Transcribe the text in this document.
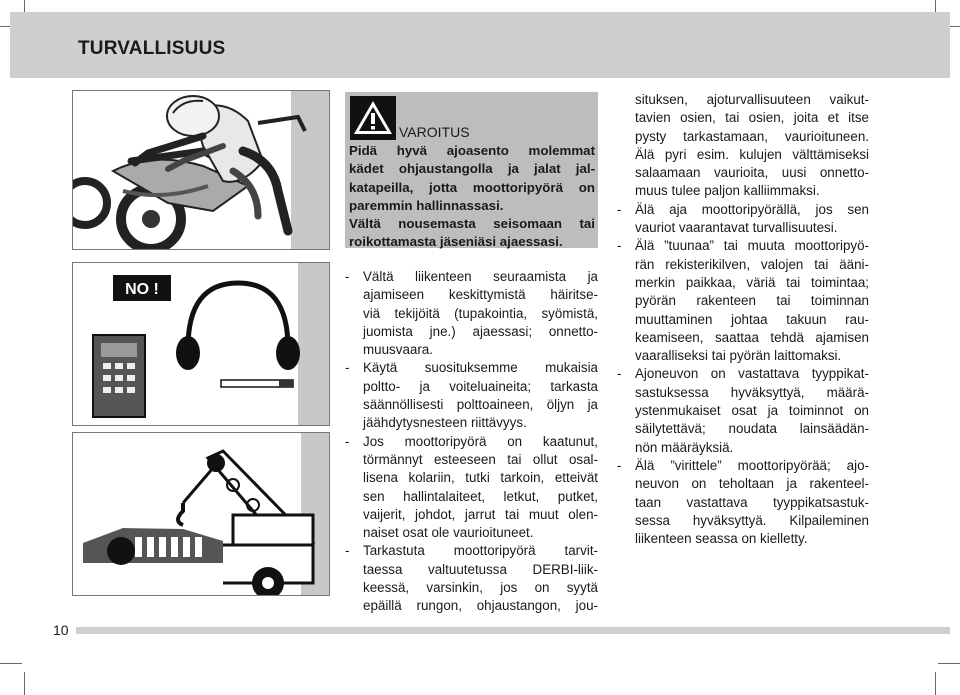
TURVALLISUUS
NO !
VAROITUS
Pidä hyvä ajoasento molemmat
kädet ohjaustangolla ja jalat jal-
katapeilla, jotta moottoripyörä on
paremmin hallinnassasi.
Vältä nousemasta seisomaan tai
roikottamasta jäseniäsi ajaessasi.
- Vältä liikenteen seuraamista ja
ajamiseen keskittymistä häiritse-
viä tekijöitä (tupakointia, syömistä,
juomista jne.) ajaessasi; onnetto-
muusvaara.
- Käytä suosituksemme mukaisia
poltto- ja voiteluaineita; tarkasta
säännöllisesti polttoaineen, öljyn ja
jäähdytysnesteen riittävyys.
- Jos moottoripyörä on kaatunut,
törmännyt esteeseen tai ollut osal-
lisena kolariin, tutki tarkoin, etteivät
sen hallintalaiteet, letkut, putket,
vaijerit, johdot, jarrut tai muut olen-
naiset osat ole vaurioituneet.
- Tarkastuta moottoripyörä tarvit-
taessa valtuutetussa DERBI-liik-
keessä, varsinkin, jos on syytä
epäillä rungon, ohjaustangon, jou-
situksen, ajoturvallisuuteen vaikut-
tavien osien, tai osien, joita et itse
pysty tarkastamaan, vaurioituneen.
Älä pyri esim. kulujen välttämiseksi
salaamaan vaurioita, uusi onnetto-
muus tulee paljon kalliimmaksi.
- Älä aja moottoripyörällä, jos sen
vauriot vaarantavat turvallisuutesi.
- Älä ”tuunaa” tai muuta moottoripyö-
rän rekisterikilven, valojen tai ääni-
merkin paikkaa, väriä tai toimintaa;
pyörän rakenteen tai toiminnan
muuttaminen johtaa takuun rau-
keamiseen, saattaa tehdä ajamisen
vaaralliseksi tai pyörän laittomaksi.
- Ajoneuvon on vastattava tyyppikat-
sastuksessa hyväksyttyä, määrä-
ystenmukaiset osat ja toiminnot on
säilytettävä; noudata lainsäädän-
nön määräyksiä.
- Älä ”virittele” moottoripyörää; ajo-
neuvon on teholtaan ja rakenteel-
taan vastattava tyyppikatsastuk-
sessa hyväksyttyä. Kilpaileminen
liikenteen seassa on kielletty.
10
